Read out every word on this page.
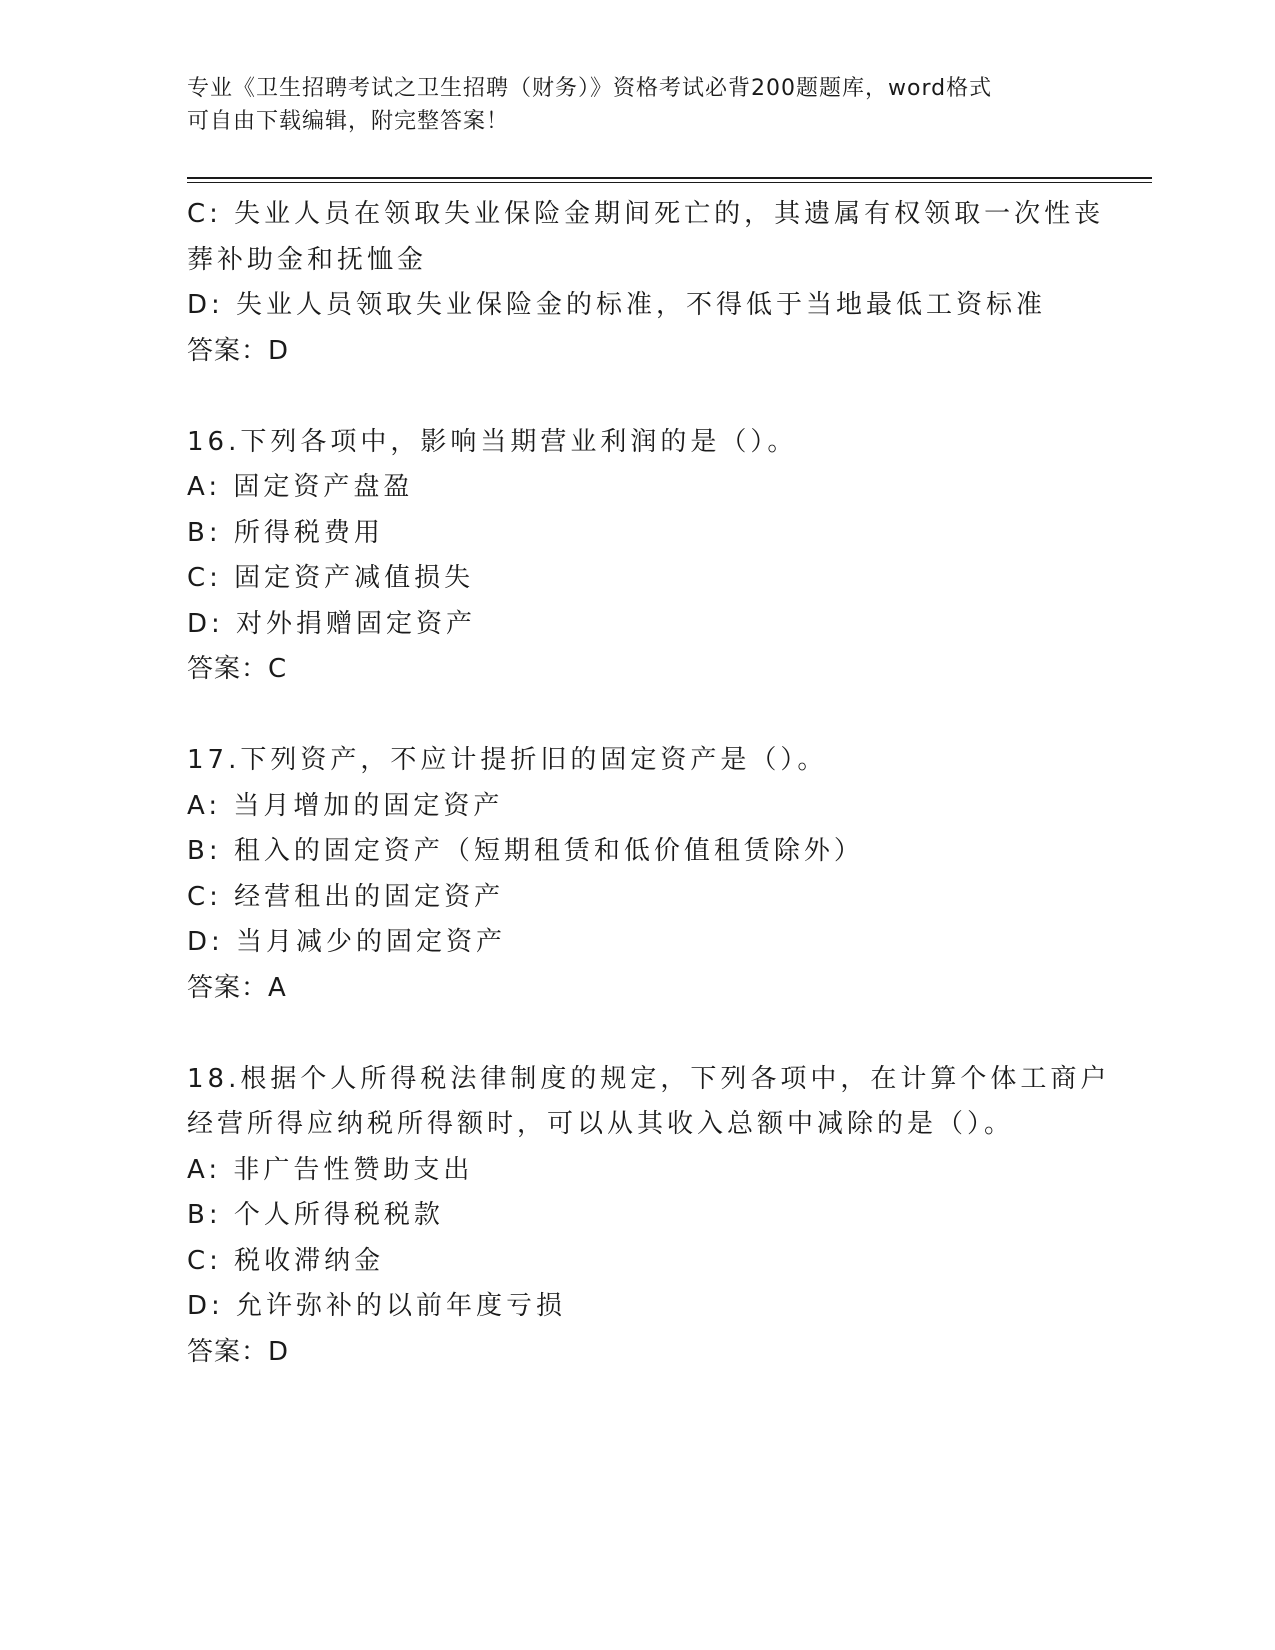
专业《卫生招聘考试之卫生招聘（财务）》资格考试必背200题题库，word格式
可自由下载编辑，附完整答案！
C: 失业人员在领取失业保险金期间死亡的，其遗属有权领取一次性丧
葬补助金和抚恤金
D: 失业人员领取失业保险金的标准，不得低于当地最低工资标准
答案：D
16.下列各项中，影响当期营业利润的是（）。
A: 固定资产盘盈
B: 所得税费用
C: 固定资产减值损失
D: 对外捐赠固定资产
答案：C
17.下列资产，不应计提折旧的固定资产是（）。
A: 当月增加的固定资产
B: 租入的固定资产（短期租赁和低价值租赁除外）
C: 经营租出的固定资产
D: 当月减少的固定资产
答案：A
18.根据个人所得税法律制度的规定，下列各项中，在计算个体工商户
经营所得应纳税所得额时，可以从其收入总额中减除的是（）。
A: 非广告性赞助支出
B: 个人所得税税款
C: 税收滞纳金
D: 允许弥补的以前年度亏损
答案：D
